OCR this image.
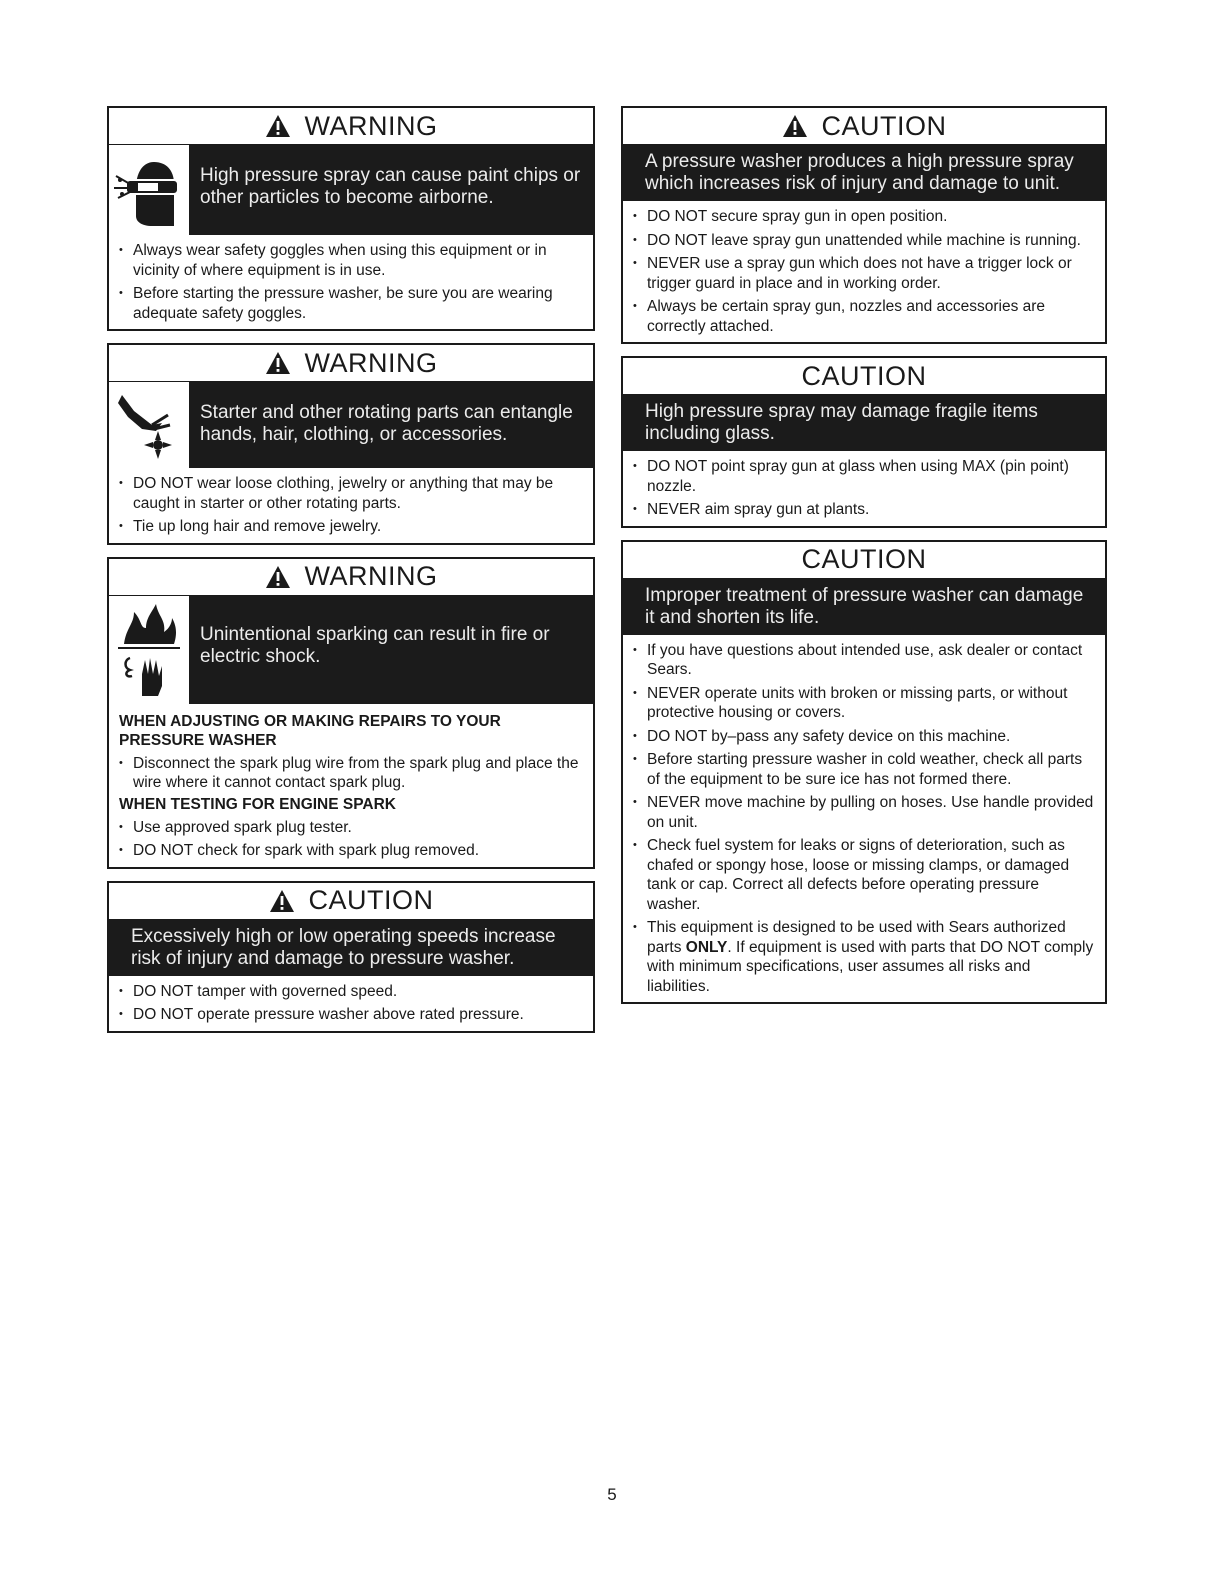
WARNING
High pressure spray can cause paint chips or other particles to become airborne.
• Always wear safety goggles when using this equipment or in vicinity of where equipment is in use.
• Before starting the pressure washer, be sure you are wearing adequate safety goggles.
WARNING
Starter and other rotating parts can entangle hands, hair, clothing, or accessories.
• DO NOT wear loose clothing, jewelry or anything that may be caught in starter or other rotating parts.
• Tie up long hair and remove jewelry.
WARNING
Unintentional sparking can result in fire or electric shock.
WHEN ADJUSTING OR MAKING REPAIRS TO YOUR PRESSURE WASHER
• Disconnect the spark plug wire from the spark plug and place the wire where it cannot contact spark plug.
WHEN TESTING FOR ENGINE SPARK
• Use approved spark plug tester.
• DO NOT check for spark with spark plug removed.
CAUTION
Excessively high or low operating speeds increase risk of injury and damage to pressure washer.
• DO NOT tamper with governed speed.
• DO NOT operate pressure washer above rated pressure.
CAUTION
A pressure washer produces a high pressure spray which increases risk of injury and damage to unit.
• DO NOT secure spray gun in open position.
• DO NOT leave spray gun unattended while machine is running.
• NEVER use a spray gun which does not have a trigger lock or trigger guard in place and in working order.
• Always be certain spray gun, nozzles and accessories are correctly attached.
CAUTION
High pressure spray may damage fragile items including glass.
• DO NOT point spray gun at glass when using MAX (pin point) nozzle.
• NEVER aim spray gun at plants.
CAUTION
Improper treatment of pressure washer can damage it and shorten its life.
• If you have questions about intended use, ask dealer or contact Sears.
• NEVER operate units with broken or missing parts, or without protective housing or covers.
• DO NOT by–pass any safety device on this machine.
• Before starting pressure washer in cold weather, check all parts of the equipment to be sure ice has not formed there.
• NEVER move machine by pulling on hoses. Use handle provided on unit.
• Check fuel system for leaks or signs of deterioration, such as chafed or spongy hose, loose or missing clamps, or damaged tank or cap. Correct all defects before operating pressure washer.
• This equipment is designed to be used with Sears authorized parts ONLY. If equipment is used with parts that DO NOT comply with minimum specifications, user assumes all risks and liabilities.
5
